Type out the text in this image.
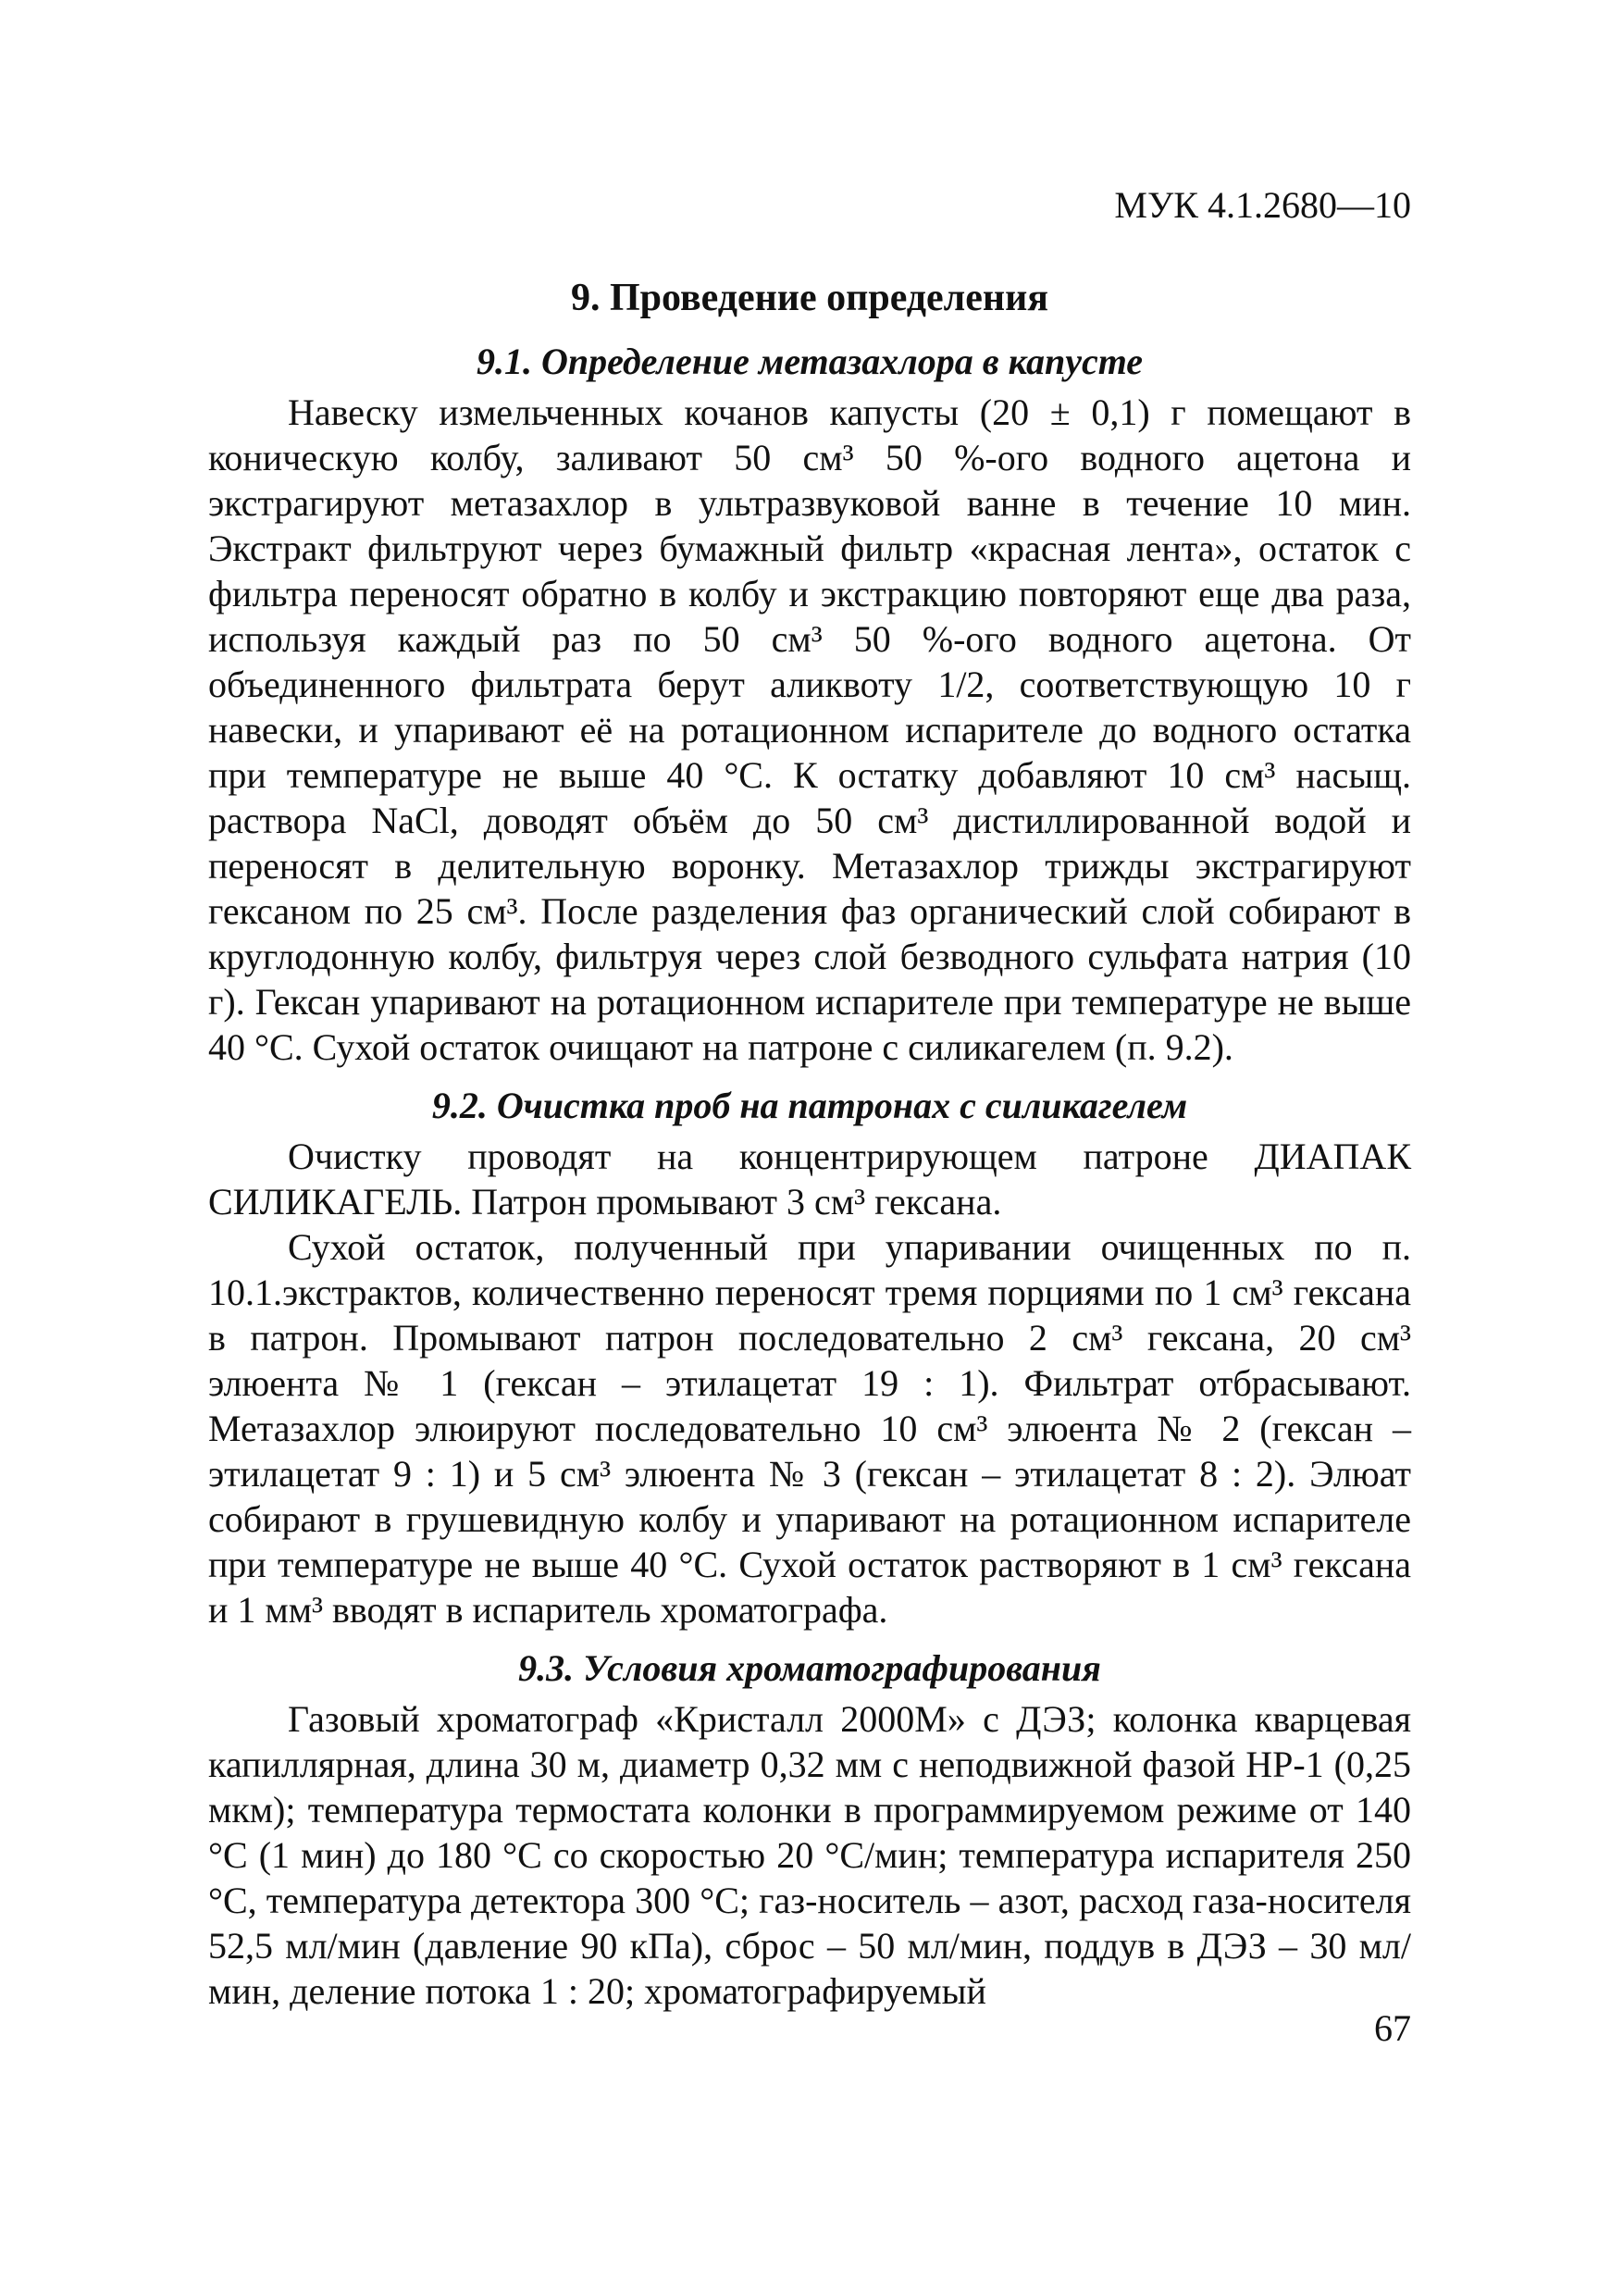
МУК 4.1.2680—10
9. Проведение определения
9.1. Определение метазахлора в капусте

Навеску измельченных кочанов капусты (20 ± 0,1) г помещают в коническую колбу, заливают 50 см³ 50 %-ого водного ацетона и экстрагируют метазахлор в ультразвуковой ванне в течение 10 мин. Экстракт фильтруют через бумажный фильтр «красная лента», остаток с фильтра переносят обратно в колбу и экстракцию повторяют еще два раза, используя каждый раз по 50 см³ 50 %-ого водного ацетона. От объединенного фильтрата берут аликвоту 1/2, соответствующую 10 г навески, и упаривают её на ротационном испарителе до водного остатка при температуре не выше 40 °С. К остатку добавляют 10 см³ насыщ. раствора NaCl, доводят объём до 50 см³ дистиллированной водой и переносят в делительную воронку. Метазахлор трижды экстрагируют гексаном по 25 см³. После разделения фаз органический слой собирают в круглодонную колбу, фильтруя через слой безводного сульфата натрия (10 г). Гексан упаривают на ротационном испарителе при температуре не выше 40 °С. Сухой остаток очищают на патроне с силикагелем (п. 9.2).

9.2. Очистка проб на патронах с силикагелем

Очистку проводят на концентрирующем патроне ДИАПАК СИЛИКАГЕЛЬ. Патрон промывают 3 см³ гексана.

Сухой остаток, полученный при упаривании очищенных по п. 10.1.экстрактов, количественно переносят тремя порциями по 1 см³ гексана в патрон. Промывают патрон последовательно 2 см³ гексана, 20 см³ элюента № 1 (гексан – этилацетат 19 : 1). Фильтрат отбрасывают. Метазахлор элюируют последовательно 10 см³ элюента № 2 (гексан – этилацетат 9 : 1) и 5 см³ элюента № 3 (гексан – этилацетат 8 : 2). Элюат собирают в грушевидную колбу и упаривают на ротационном испарителе при температуре не выше 40 °С. Сухой остаток растворяют в 1 см³ гексана и 1 мм³ вводят в испаритель хроматографа.

9.3. Условия хроматографирования

Газовый хроматограф «Кристалл 2000М» с ДЭЗ; колонка кварцевая капиллярная, длина 30 м, диаметр 0,32 мм с неподвижной фазой HP-1 (0,25 мкм); температура термостата колонки в программируемом режиме от 140 °С (1 мин) до 180 °С со скоростью 20 °С/мин; температура испарителя 250 °С, температура детектора 300 °С; газ-носитель – азот, расход газа-носителя 52,5 мл/мин (давление 90 кПа), сброс – 50 мл/мин, поддув в ДЭЗ – 30 мл/мин, деление потока 1 : 20; хроматографируемый

67
